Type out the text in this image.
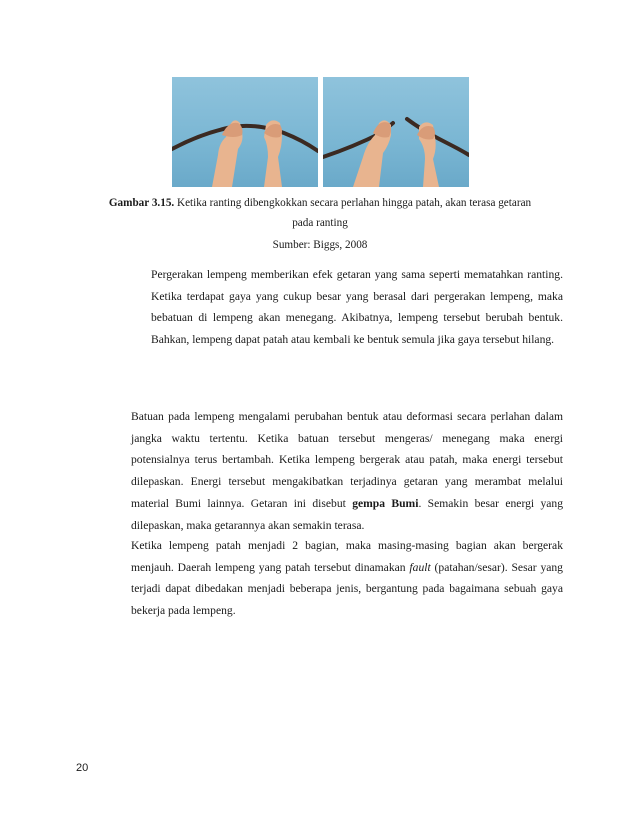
Gambar 3.15. Ketika ranting dibengkokkan secara perlahan hingga patah, akan terasa getaran
pada ranting
Sumber: Biggs, 2008

Pergerakan lempeng memberikan efek getaran yang sama seperti mematahkan ranting. Ketika terdapat gaya yang cukup besar yang berasal dari pergerakan lempeng, maka bebatuan di lempeng akan menegang. Akibatnya, lempeng tersebut berubah bentuk. Bahkan, lempeng dapat patah atau kembali ke bentuk semula jika gaya tersebut hilang.

Batuan pada lempeng mengalami perubahan bentuk atau deformasi secara perlahan dalam jangka waktu tertentu. Ketika batuan tersebut mengeras/ menegang maka energi potensialnya terus bertambah. Ketika lempeng bergerak atau patah, maka energi tersebut dilepaskan. Energi tersebut mengakibatkan terjadinya getaran yang merambat melalui material Bumi lainnya. Getaran ini disebut gempa Bumi. Semakin besar energi yang dilepaskan, maka getarannya akan semakin terasa.

Ketika lempeng patah menjadi 2 bagian, maka masing-masing bagian akan bergerak menjauh. Daerah lempeng yang patah tersebut dinamakan fault (patahan/sesar). Sesar yang terjadi dapat dibedakan menjadi beberapa jenis, bergantung pada bagaimana sebuah gaya bekerja pada lempeng.

20
